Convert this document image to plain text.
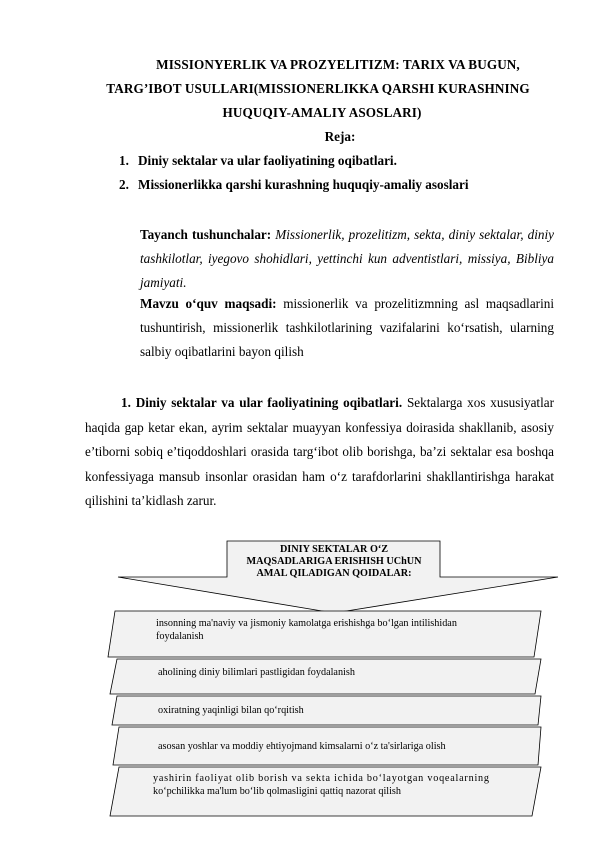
MISSIONYERLIK VA PROZYELITIZM: TARIX VA BUGUN,
TARG’IBOT USULLARI(MISSIONERLIKKA QARSHI KURASHNING
HUQUQIY-AMALIY ASOSLARI)
Reja:
1. Diniy sektalar va ular faoliyatining oqibatlari.
2. Missionerlikka qarshi kurashning huquqiy-amaliy asoslari
Tayanch tushunchalar: Missionerlik, prozelitizm, sekta, diniy sektalar, diniy tashkilotlar, iyegovo shohidlari, yettinchi kun adventistlari, missiya, Bibliya jamiyati.
Mavzu oʻquv maqsadi: missionerlik va prozelitizmning asl maqsadlarini tushuntirish, missionerlik tashkilotlarining vazifalarini koʻrsatish, ularning salbiy oqibatlarini bayon qilish
1. Diniy sektalar va ular faoliyatining oqibatlari. Sektalarga xos xususiyatlar haqida gap ketar ekan, ayrim sektalar muayyan konfessiya doirasida shakllanib, asosiy e’tiborni sobiq e’tiqoddoshlari orasida targʻibot olib borishga, ba’zi sektalar esa boshqa konfessiyaga mansub insonlar orasidan ham oʻz tarafdorlarini shakllantirishga harakat qilishini ta’kidlash zarur.
DINIY SEKTALAR O‘Z
MAQSADLARIGA ERISHISH UChUN
AMAL QILADIGAN QOIDALAR:
insonning ma'naviy va jismoniy kamolatga erishishga bo‘lgan intilishidan
foydalanish
aholining diniy bilimlari pastligidan foydalanish
oxiratning yaqinligi bilan qo‘rqitish
asosan yoshlar va moddiy ehtiyojmand kimsalarni o‘z ta'sirlariga olish
yashirin faoliyat olib borish va sekta ichida bo‘layotgan voqealarning
ko‘pchilikka ma'lum bo‘lib qolmasligini qattiq nazorat qilish
